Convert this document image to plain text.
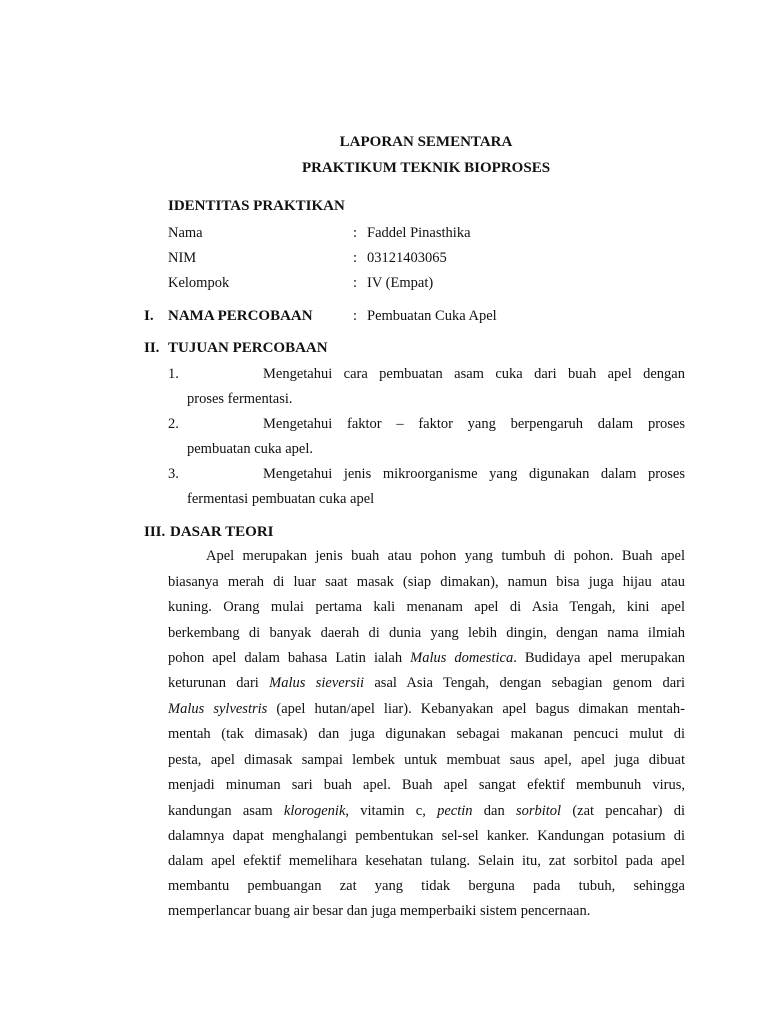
LAPORAN SEMENTARA
PRAKTIKUM TEKNIK BIOPROSES
IDENTITAS PRAKTIKAN
Nama	: Faddel Pinasthika
NIM	: 03121403065
Kelompok	: IV (Empat)
I. NAMA PERCOBAAN	: Pembuatan Cuka Apel
II. TUJUAN PERCOBAAN
1.	Mengetahui cara pembuatan asam cuka dari buah apel dengan
proses fermentasi.
2.	Mengetahui faktor – faktor yang berpengaruh dalam proses
pembuatan cuka apel.
3.	Mengetahui jenis mikroorganisme yang digunakan dalam proses
fermentasi pembuatan cuka apel
III. DASAR TEORI
Apel merupakan jenis buah atau pohon yang tumbuh di pohon. Buah apel
biasanya merah di luar saat masak (siap dimakan), namun bisa juga hijau atau
kuning. Orang mulai pertama kali menanam apel di Asia Tengah, kini apel
berkembang di banyak daerah di dunia yang lebih dingin, dengan nama ilmiah
pohon apel dalam bahasa Latin ialah Malus domestica. Budidaya apel merupakan
keturunan dari Malus sieversii asal Asia Tengah, dengan sebagian genom dari
Malus sylvestris (apel hutan/apel liar). Kebanyakan apel bagus dimakan mentah-
mentah (tak dimasak) dan juga digunakan sebagai makanan pencuci mulut di
pesta, apel dimasak sampai lembek untuk membuat saus apel, apel juga dibuat
menjadi minuman sari buah apel. Buah apel sangat efektif membunuh virus,
kandungan asam klorogenik, vitamin c, pectin dan sorbitol (zat pencahar) di
dalamnya dapat menghalangi pembentukan sel-sel kanker. Kandungan potasium di
dalam apel efektif memelihara kesehatan tulang. Selain itu, zat sorbitol pada apel
membantu pembuangan zat yang tidak berguna pada tubuh, sehingga
memperlancar buang air besar dan juga memperbaiki sistem pencernaan.
